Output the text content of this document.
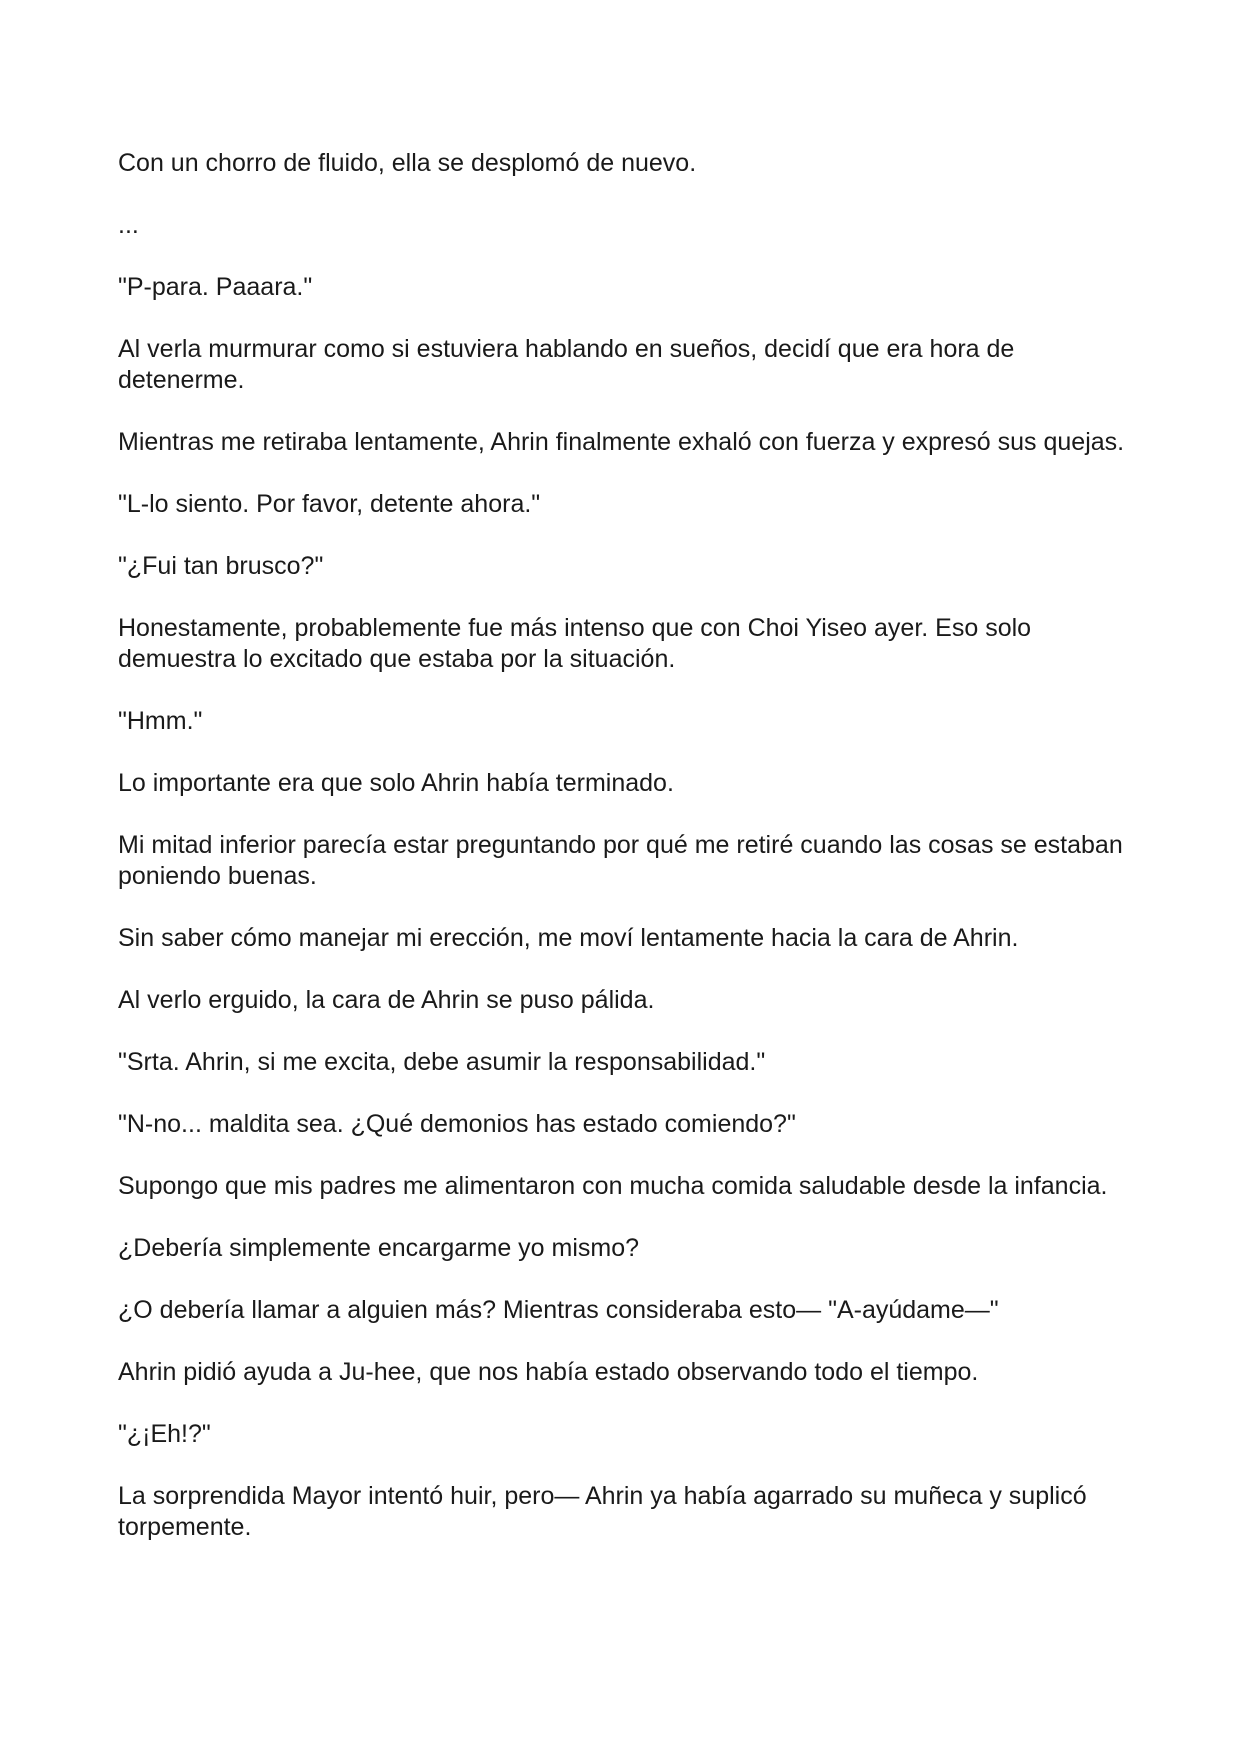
Con un chorro de fluido, ella se desplomó de nuevo.

...

"P-para. Paaara."

Al verla murmurar como si estuviera hablando en sueños, decidí que era hora de detenerme.

Mientras me retiraba lentamente, Ahrin finalmente exhaló con fuerza y expresó sus quejas.

"L-lo siento. Por favor, detente ahora."

"¿Fui tan brusco?"

Honestamente, probablemente fue más intenso que con Choi Yiseo ayer. Eso solo demuestra lo excitado que estaba por la situación.

"Hmm."

Lo importante era que solo Ahrin había terminado.

Mi mitad inferior parecía estar preguntando por qué me retiré cuando las cosas se estaban poniendo buenas.

Sin saber cómo manejar mi erección, me moví lentamente hacia la cara de Ahrin.

Al verlo erguido, la cara de Ahrin se puso pálida.

"Srta. Ahrin, si me excita, debe asumir la responsabilidad."

"N-no... maldita sea. ¿Qué demonios has estado comiendo?"

Supongo que mis padres me alimentaron con mucha comida saludable desde la infancia.

¿Debería simplemente encargarme yo mismo?

¿O debería llamar a alguien más? Mientras consideraba esto— "A-ayúdame—"

Ahrin pidió ayuda a Ju-hee, que nos había estado observando todo el tiempo.

"¿¡Eh!?"

La sorprendida Mayor intentó huir, pero— Ahrin ya había agarrado su muñeca y suplicó torpemente.
